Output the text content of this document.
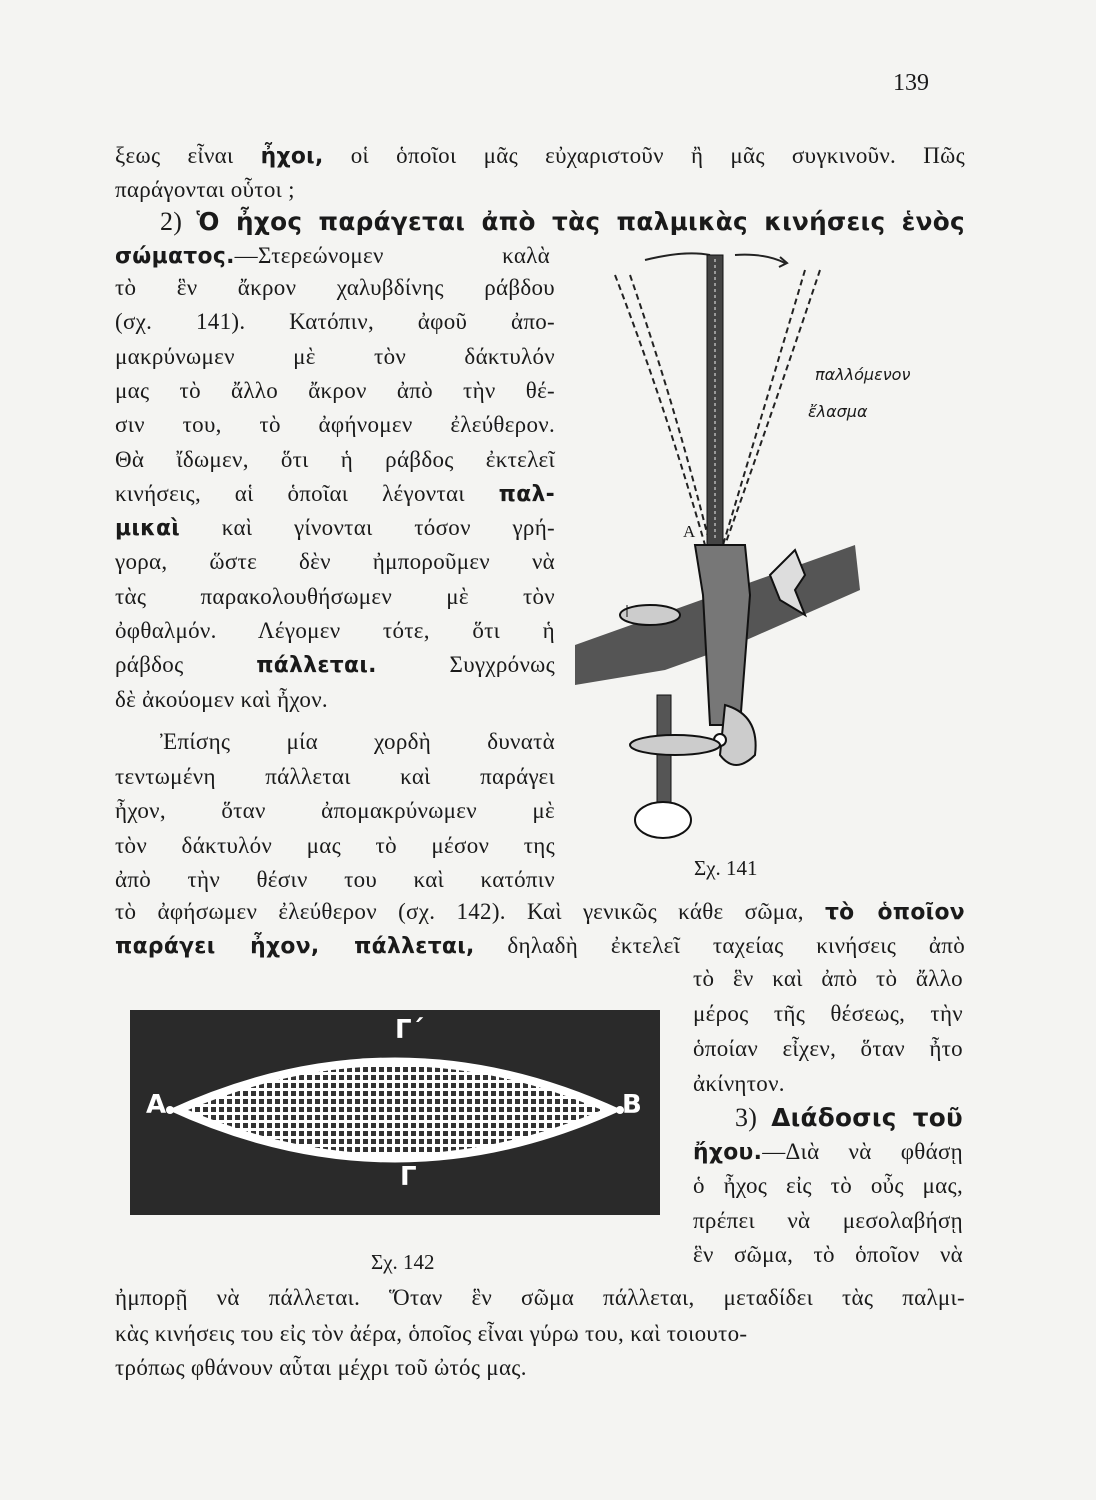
139
ξεως εἶναι ἦχοι, οἱ ὁποῖοι μᾶς εὐχαριστοῦν ἢ μᾶς συγκινοῦν. Πῶς
παράγονται οὗτοι ;
2) Ὁ ἦχος παράγεται ἀπὸ τὰς παλμικὰς κινήσεις ἑνὸς
σώματος.—Στερεώνομεν καλὰ
τὸ ἓν ἄκρον χαλυβδίνης ράβδου
(σχ. 141). Κατόπιν, ἀφοῦ ἀπο-
μακρύνωμεν μὲ τὸν δάκτυλόν
μας τὸ ἄλλο ἄκρον ἀπὸ τὴν θέ-
σιν του, τὸ ἀφήνομεν ἐλεύθερον.
Θὰ ἴδωμεν, ὅτι ἡ ράβδος ἐκτελεῖ
κινήσεις, αἱ ὁποῖαι λέγονται παλ-
μικαὶ καὶ γίνονται τόσον γρή-
γορα, ὥστε δὲν ἠμποροῦμεν νὰ
τὰς παρακολουθήσωμεν μὲ τὸν
ὀφθαλμόν. Λέγομεν τότε, ὅτι ἡ
ράβδος πάλλεται. Συγχρόνως
δὲ ἀκούομεν καὶ ἦχον.
Ἐπίσης μία χορδὴ δυνατὰ
τεντωμένη πάλλεται καὶ παράγει
ἦχον, ὅταν ἀπομακρύνωμεν μὲ
τὸν δάκτυλόν μας τὸ μέσον της
ἀπὸ τὴν θέσιν του καὶ κατόπιν
τὸ ἀφήσωμεν ἐλεύθερον (σχ. 142). Καὶ γενικῶς κάθε σῶμα, τὸ ὁποῖον
παράγει ἦχον, πάλλεται, δηλαδὴ ἐκτελεῖ ταχείας κινήσεις ἀπὸ
τὸ ἓν καὶ ἀπὸ τὸ ἄλλο
μέρος τῆς θέσεως, τὴν
ὁποίαν εἶχεν, ὅταν ἦτο
ἀκίνητον.
3) Διάδοσις τοῦ
ἤχου.—Διὰ νὰ φθάσῃ
ὁ ἦχος εἰς τὸ οὖς μας,
πρέπει νὰ μεσολαβήσῃ
ἓν σῶμα, τὸ ὁποῖον νὰ
ἠμπορῇ νὰ πάλλεται. Ὅταν ἓν σῶμα πάλλεται, μεταδίδει τὰς παλμι-
κὰς κινήσεις του εἰς τὸν ἀέρα, ὁποῖος εἶναι γύρω του, καὶ τοιουτο-
τρόπως φθάνουν αὗται μέχρι τοῦ ὠτός μας.
παλλόμενον
ἔλασμα
Α
Σχ. 141
Α	Β
Γ΄
Γ
Σχ. 142
